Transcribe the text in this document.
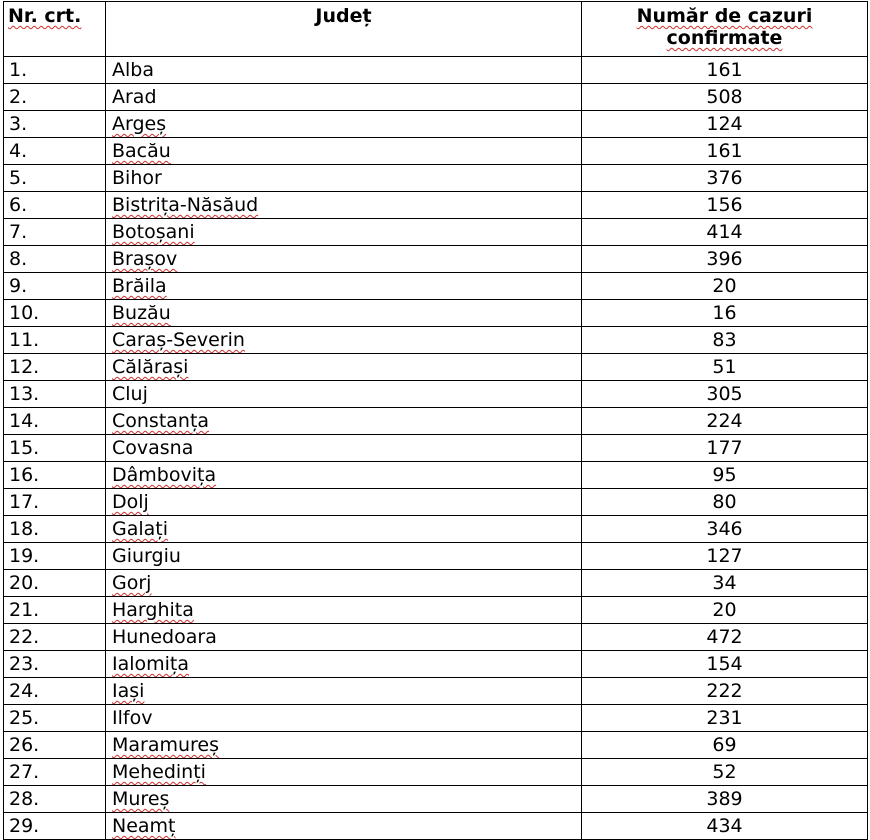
Nr. crt.	Județ	Număr de cazuri
confirmate

1.	Alba	161
2.	Arad	508
3.	Argeș	124
4.	Bacău	161
5.	Bihor	376
6.	Bistrița-Năsăud	156
7.	Botoșani	414
8.	Brașov	396
9.	Brăila	20
10.	Buzău	16
11.	Caraș-Severin	83
12.	Călărași	51
13.	Cluj	305
14.	Constanța	224
15.	Covasna	177
16.	Dâmbovița	95
17.	Dolj	80
18.	Galați	346
19.	Giurgiu	127
20.	Gorj	34
21.	Harghita	20
22.	Hunedoara	472
23.	Ialomița	154
24.	Iași	222
25.	Ilfov	231
26.	Maramureș	69
27.	Mehedinți	52
28.	Mureș	389
29.	Neamț	434
